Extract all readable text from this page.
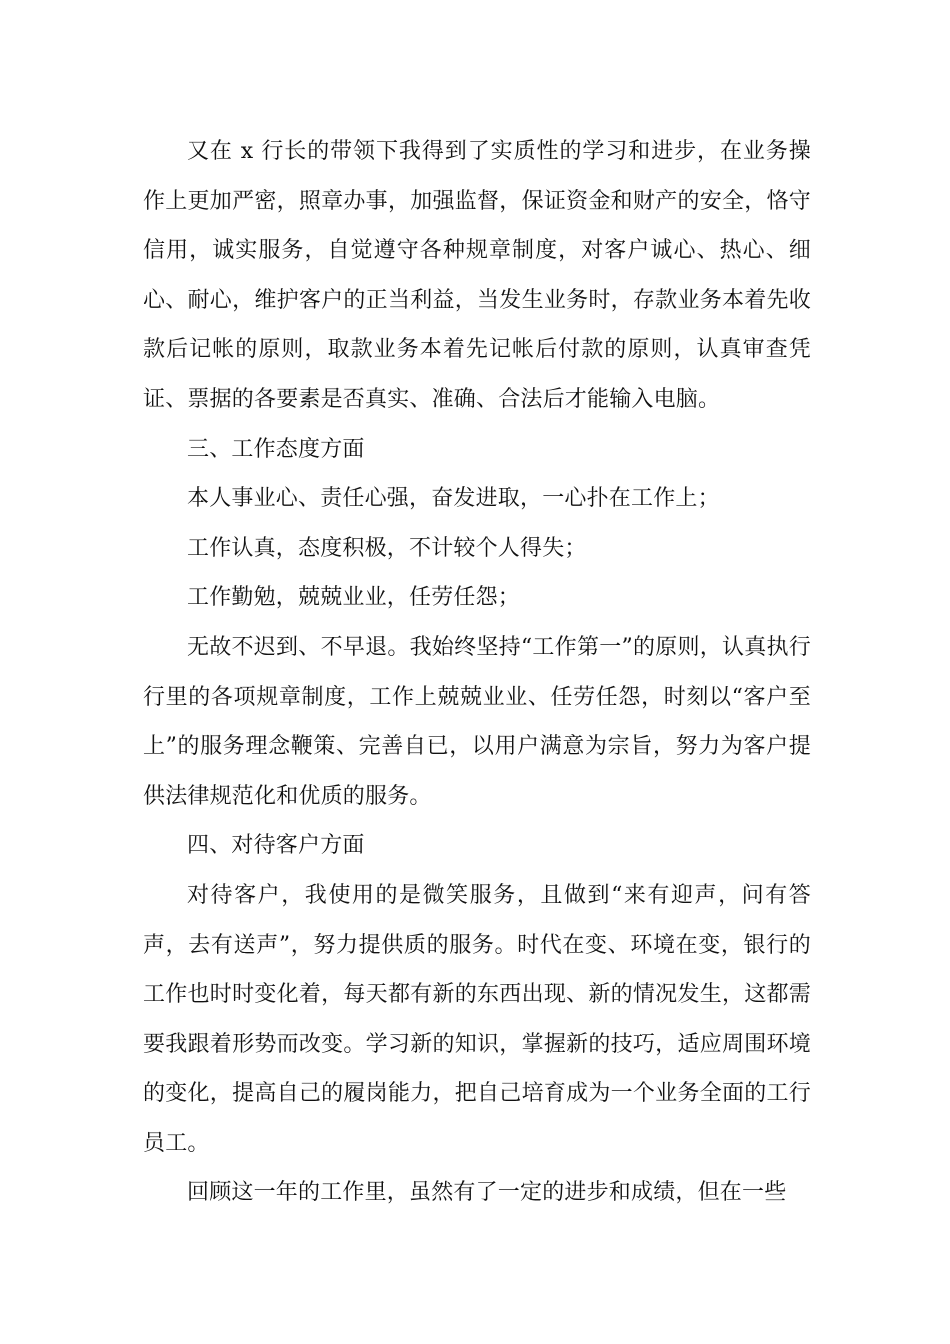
又在 x 行长的带领下我得到了实质性的学习和进步，在业务操作上更加严密，照章办事，加强监督，保证资金和财产的安全，恪守信用，诚实服务，自觉遵守各种规章制度，对客户诚心、热心、细心、耐心，维护客户的正当利益，当发生业务时，存款业务本着先收款后记帐的原则，取款业务本着先记帐后付款的原则，认真审查凭证、票据的各要素是否真实、准确、合法后才能输入电脑。

三、工作态度方面

本人事业心、责任心强，奋发进取，一心扑在工作上；

工作认真，态度积极，不计较个人得失；

工作勤勉，兢兢业业，任劳任怨；

无故不迟到、不早退。我始终坚持“工作第一”的原则，认真执行行里的各项规章制度，工作上兢兢业业、任劳任怨，时刻以“客户至上”的服务理念鞭策、完善自已，以用户满意为宗旨，努力为客户提供法律规范化和优质的服务。

四、对待客户方面

对待客户，我使用的是微笑服务，且做到“来有迎声，问有答声，去有送声”，努力提供质的服务。时代在变、环境在变，银行的工作也时时变化着，每天都有新的东西出现、新的情况发生，这都需要我跟着形势而改变。学习新的知识，掌握新的技巧，适应周围环境的变化，提高自己的履岗能力，把自己培育成为一个业务全面的工行员工。

回顾这一年的工作里，虽然有了一定的进步和成绩，但在一些
